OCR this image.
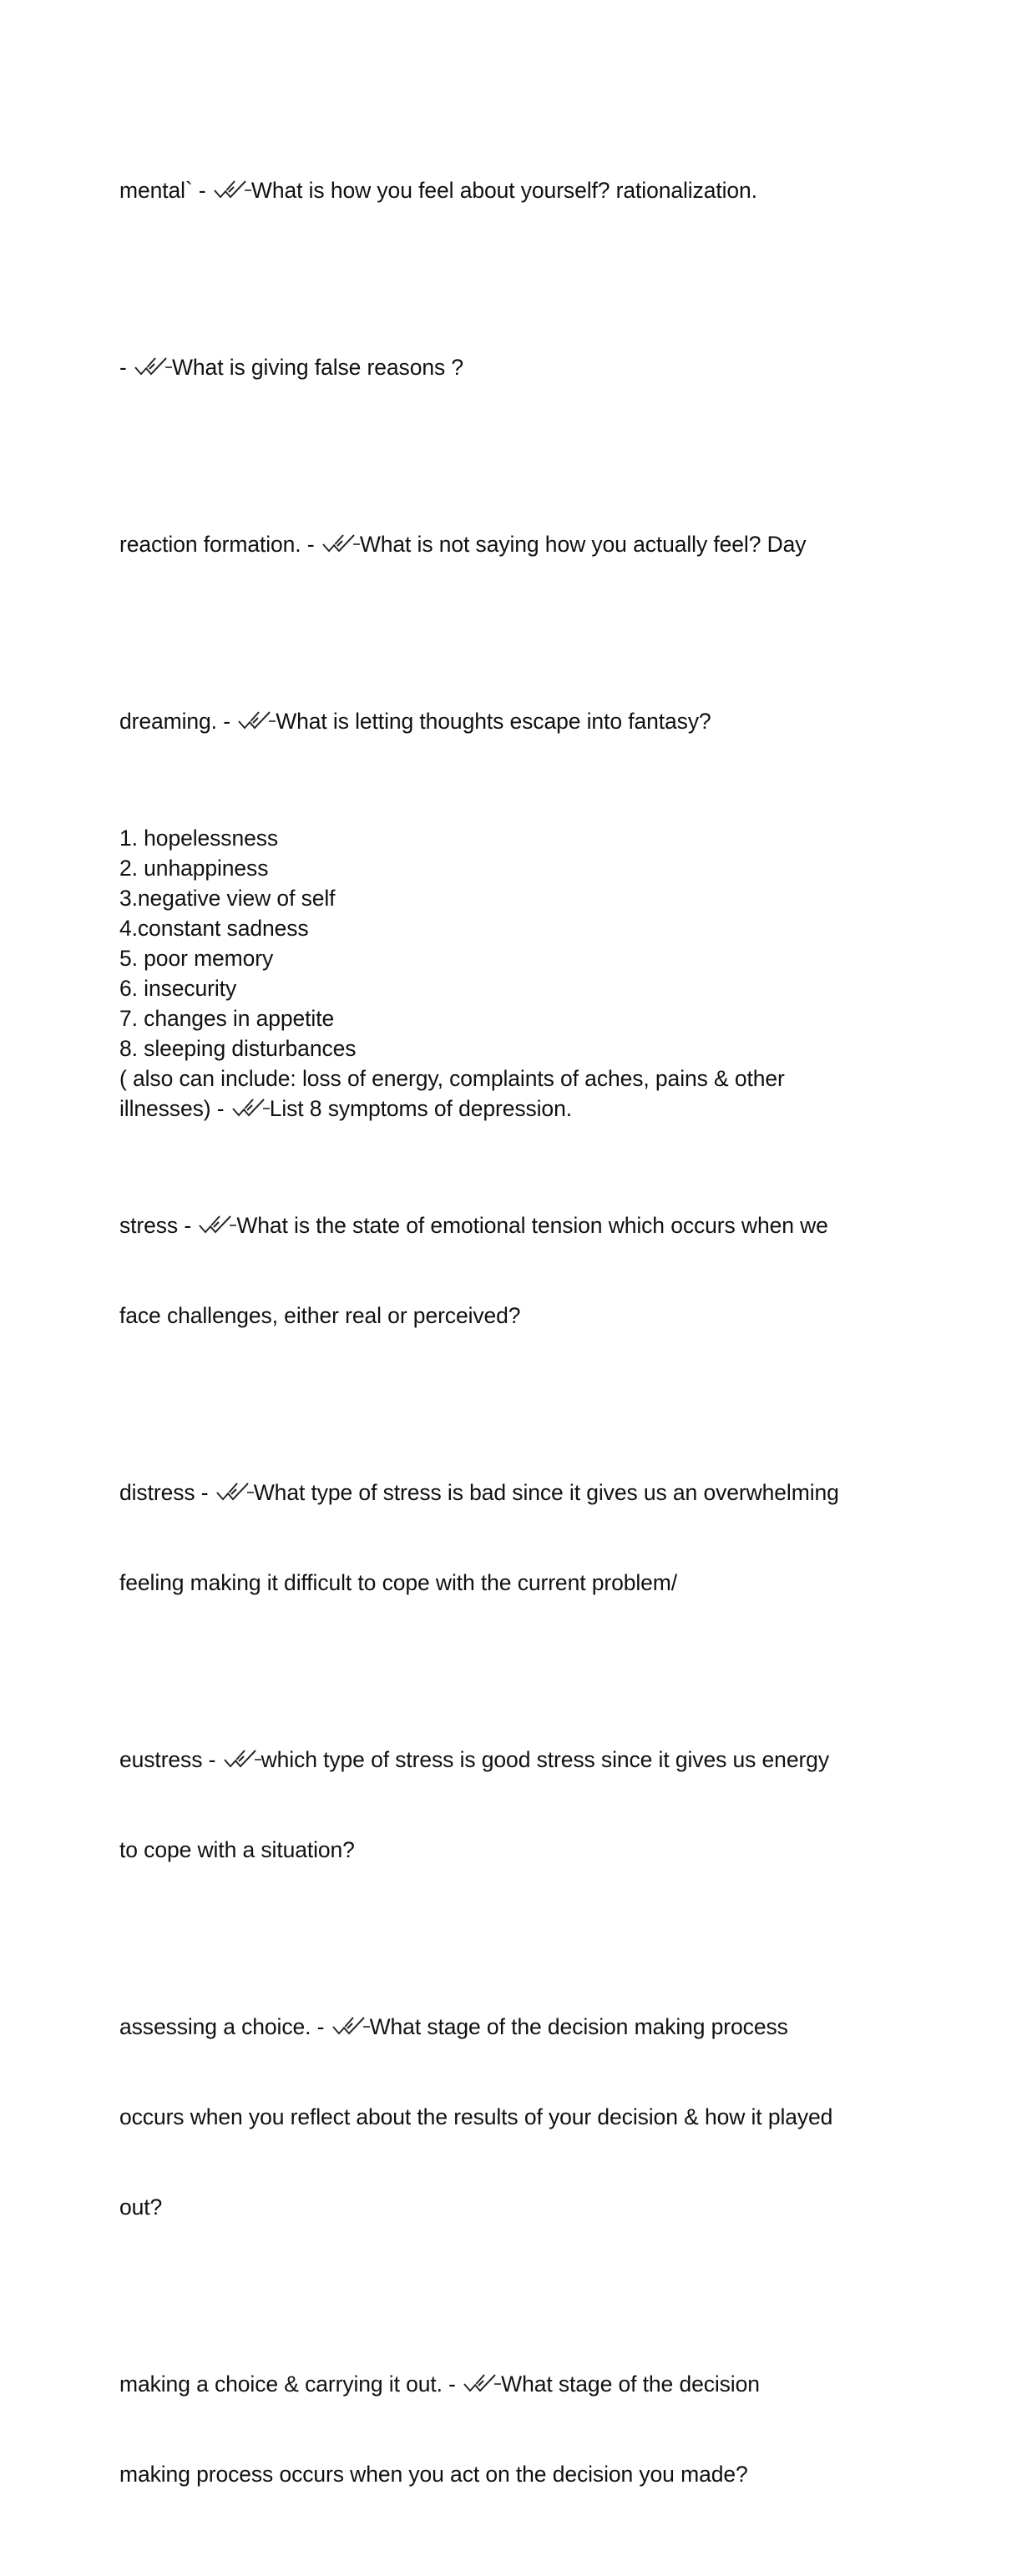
mental` -
What is how you feel about yourself? rationalization.

-
What is giving false reasons ?

reaction formation. -
What is not saying how you actually feel? Day

dreaming. -
What is letting thoughts escape into fantasy?

1. hopelessness
2. unhappiness
3.negative view of self
4.constant sadness
5. poor memory
6. insecurity
7. changes in appetite
8. sleeping disturbances
( also can include: loss of energy, complaints of aches, pains & other
illnesses) -
List 8 symptoms of depression.

stress -
What is the state of emotional tension which occurs when we

face challenges, either real or perceived?

distress -
What type of stress is bad since it gives us an overwhelming

feeling making it difficult to cope with the current problem/

eustress -
which type of stress is good stress since it gives us energy

to cope with a situation?

assessing a choice. -
What stage of the decision making process

occurs when you reflect about the results of your decision & how it played

out?

making a choice & carrying it out. -
What stage of the decision

making process occurs when you act on the decision you made?
